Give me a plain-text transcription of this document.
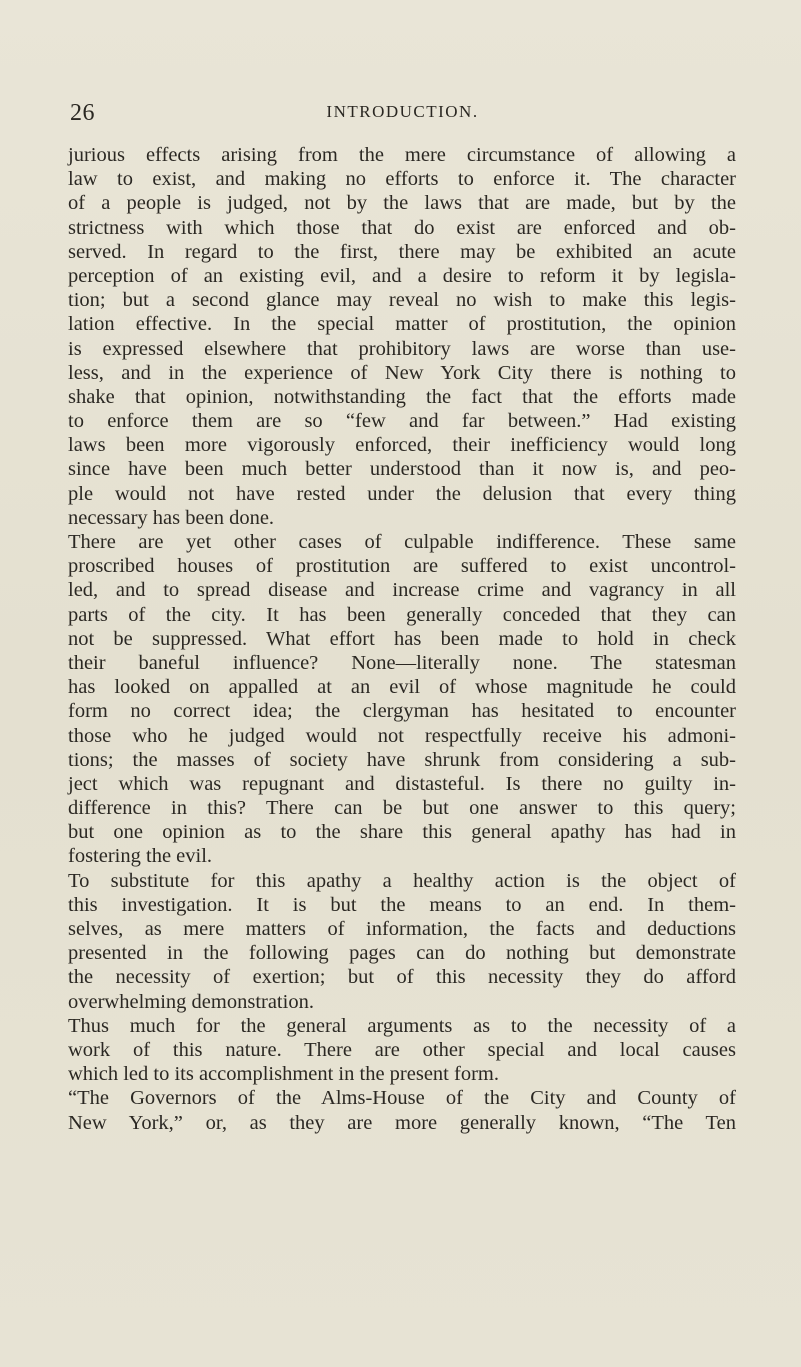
26	INTRODUCTION.
jurious effects arising from the mere circumstance of allowing a
law to exist, and making no efforts to enforce it. The character
of a people is judged, not by the laws that are made, but by the
strictness with which those that do exist are enforced and ob-
served. In regard to the first, there may be exhibited an acute
perception of an existing evil, and a desire to reform it by legisla-
tion; but a second glance may reveal no wish to make this legis-
lation effective. In the special matter of prostitution, the opinion
is expressed elsewhere that prohibitory laws are worse than use-
less, and in the experience of New York City there is nothing to
shake that opinion, notwithstanding the fact that the efforts made
to enforce them are so “few and far between.” Had existing
laws been more vigorously enforced, their inefficiency would long
since have been much better understood than it now is, and peo-
ple would not have rested under the delusion that every thing
necessary has been done.
There are yet other cases of culpable indifference. These same
proscribed houses of prostitution are suffered to exist uncontrol-
led, and to spread disease and increase crime and vagrancy in all
parts of the city. It has been generally conceded that they can
not be suppressed. What effort has been made to hold in check
their baneful influence? None—literally none. The statesman
has looked on appalled at an evil of whose magnitude he could
form no correct idea; the clergyman has hesitated to encounter
those who he judged would not respectfully receive his admoni-
tions; the masses of society have shrunk from considering a sub-
ject which was repugnant and distasteful. Is there no guilty in-
difference in this? There can be but one answer to this query;
but one opinion as to the share this general apathy has had in
fostering the evil.
To substitute for this apathy a healthy action is the object of
this investigation. It is but the means to an end. In them-
selves, as mere matters of information, the facts and deductions
presented in the following pages can do nothing but demonstrate
the necessity of exertion; but of this necessity they do afford
overwhelming demonstration.
Thus much for the general arguments as to the necessity of a
work of this nature. There are other special and local causes
which led to its accomplishment in the present form.
“The Governors of the Alms-House of the City and County of
New York,” or, as they are more generally known, “The Ten
